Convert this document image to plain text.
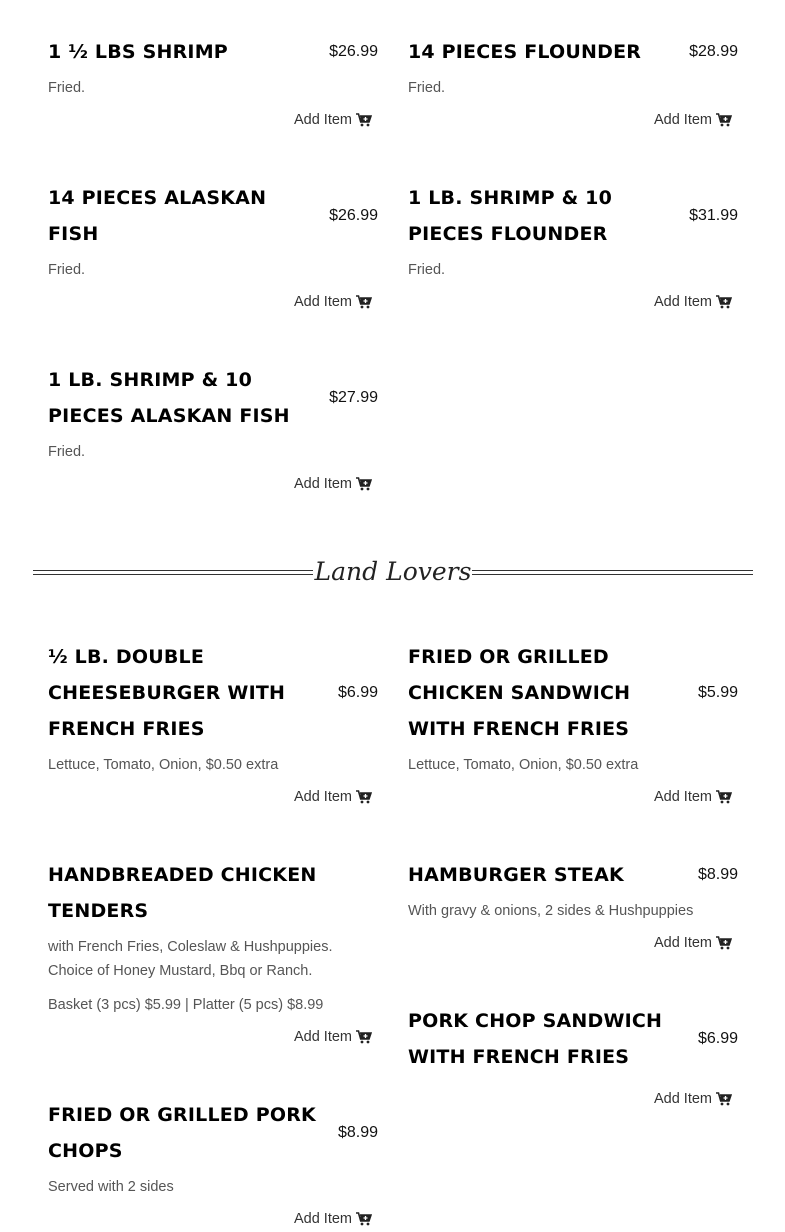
1 ½ LBS SHRIMP	$26.99
Fried.
Add Item
14 PIECES FLOUNDER	$28.99
Fried.
Add Item
14 PIECES ALASKAN FISH
$26.99
Fried.
Add Item
1 LB. SHRIMP & 10 PIECES FLOUNDER
$31.99
Fried.
Add Item
1 LB. SHRIMP & 10 PIECES ALASKAN FISH
$27.99
Fried.
Add Item
Land Lovers
½ LB. DOUBLE CHEESEBURGER WITH FRENCH FRIES
$6.99
Lettuce, Tomato, Onion, $0.50 extra
Add Item
FRIED OR GRILLED CHICKEN SANDWICH WITH FRENCH FRIES
$5.99
Lettuce, Tomato, Onion, $0.50 extra
Add Item
HANDBREADED CHICKEN TENDERS
with French Fries, Coleslaw & Hushpuppies. Choice of Honey Mustard, Bbq or Ranch.
Basket (3 pcs) $5.99 | Platter (5 pcs) $8.99
Add Item
HAMBURGER STEAK	$8.99
With gravy & onions, 2 sides & Hushpuppies
Add Item
PORK CHOP SANDWICH WITH FRENCH FRIES
$6.99
Add Item
FRIED OR GRILLED PORK CHOPS
$8.99
Served with 2 sides
Add Item
